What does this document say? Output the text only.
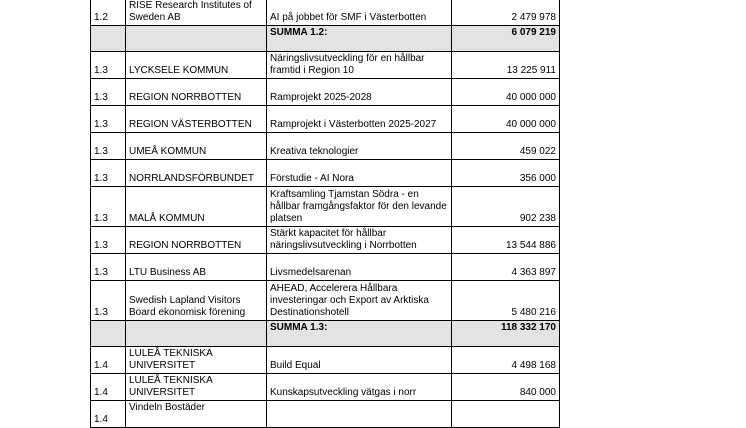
1.2	RISE Research Institutes of Sweden AB	AI på jobbet för SMF i Västerbotten	2 479 978
		SUMMA 1.2:	6 079 219
1.3	LYCKSELE KOMMUN	Näringslivsutveckling för en hållbar framtid i Region 10	13 225 911
1.3	REGION NORRBOTTEN	Ramprojekt 2025-2028	40 000 000
1.3	REGION VÄSTERBOTTEN	Ramprojekt i Västerbotten 2025-2027	40 000 000
1.3	UMEÅ KOMMUN	Kreativa teknologier	459 022
1.3	NORRLANDSFÖRBUNDET	Förstudie - AI Nora	356 000
1.3	MALÅ KOMMUN	Kraftsamling Tjamstan Södra - en hållbar framgångsfaktor för den levande platsen	902 238
1.3	REGION NORRBOTTEN	Stärkt kapacitet för hållbar näringslivsutveckling i Norrbotten	13 544 886
1.3	LTU Business AB	Livsmedelsarenan	4 363 897
1.3	Swedish Lapland Visitors Board ekonomisk förening	AHEAD, Accelerera Hållbara investeringar och Export av Arktiska Destinationshotell	5 480 216
		SUMMA 1.3:	118 332 170
1.4	LULEÅ TEKNISKA UNIVERSITET	Build Equal	4 498 168
1.4	LULEÅ TEKNISKA UNIVERSITET	Kunskapsutveckling vätgas i norr	840 000
1.4	Vindeln Bostäder		
